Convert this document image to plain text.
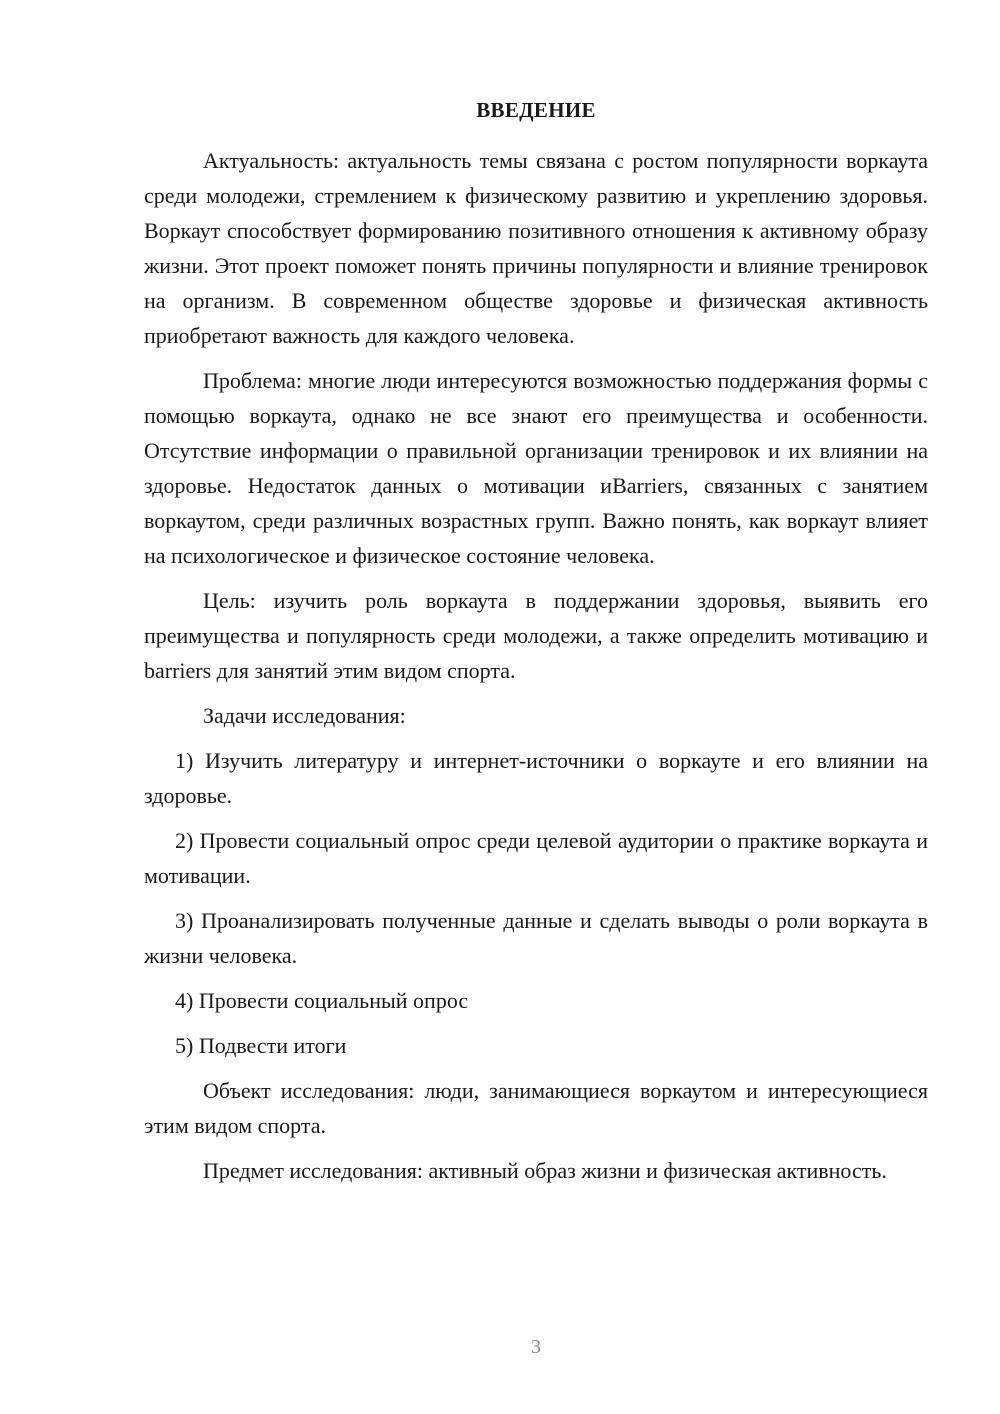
ВВЕДЕНИЕ

Актуальность: актуальность темы связана с ростом популярности воркаута среди молодежи, стремлением к физическому развитию и укреплению здоровья. Воркаут способствует формированию позитивного отношения к активному образу жизни. Этот проект поможет понять причины популярности и влияние тренировок на организм. В современном обществе здоровье и физическая активность приобретают важность для каждого человека.

Проблема: многие люди интересуются возможностью поддержания формы с помощью воркаута, однако не все знают его преимущества и особенности. Отсутствие информации о правильной организации тренировок и их влиянии на здоровье. Недостаток данных о мотивации иBarriers, связанных с занятием воркаутом, среди различных возрастных групп. Важно понять, как воркаут влияет на психологическое и физическое состояние человека.

Цель: изучить роль воркаута в поддержании здоровья, выявить его преимущества и популярность среди молодежи, а также определить мотивацию и barriers для занятий этим видом спорта.

Задачи исследования:

1) Изучить литературу и интернет-источники о воркауте и его влиянии на здоровье.

2) Провести социальный опрос среди целевой аудитории о практике воркаута и мотивации.

3) Проанализировать полученные данные и сделать выводы о роли воркаута в жизни человека.

4) Провести социальный опрос

5) Подвести итоги

Объект исследования: люди, занимающиеся воркаутом и интересующиеся этим видом спорта.

Предмет исследования: активный образ жизни и физическая активность.

3
